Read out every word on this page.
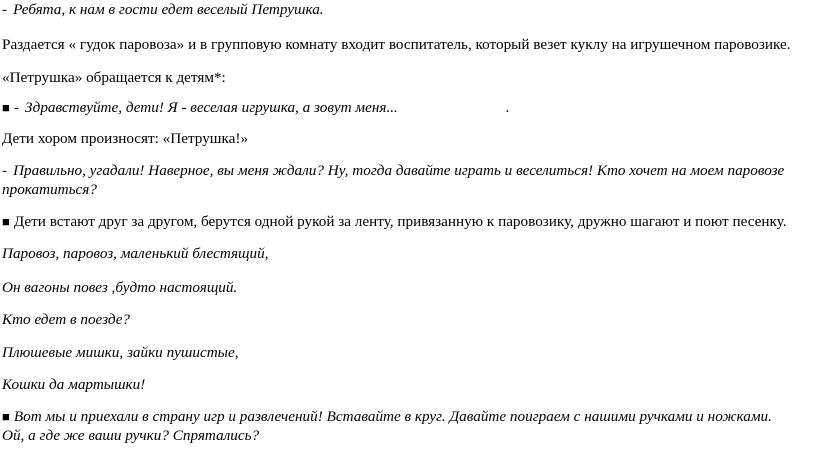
- Ребята, к нам в гости едет веселый Петрушка.
Раздается « гудок паровоза» и в групповую комнату входит воспитатель, который везет куклу на игрушечном паровозике.
«Петрушка» обращается к детям*:
■ - Здравствуйте, дети! Я - веселая игрушка, а зовут меня...	.
Дети хором произносят: «Петрушка!»
- Правильно, угадали! Наверное, вы меня ждали? Ну, тогда давайте играть и веселиться! Кто хочет на моем паровозе
прокатиться?
■ Дети встают друг за другом, берутся одной рукой за ленту, привязанную к паровозику, дружно шагают и поют песенку.
Паровоз, паровоз, маленький блестящий,
Он вагоны повез ,будто настоящий.
Кто едет в поезде?
Плюшевые мишки, зайки пушистые,
Кошки да мартышки!
■ Вот мы и приехали в страну игр и развлечений! Вставайте в круг. Давайте поиграем с нашими ручками и ножками.
Ой, а где же ваши ручки? Спрятались?
